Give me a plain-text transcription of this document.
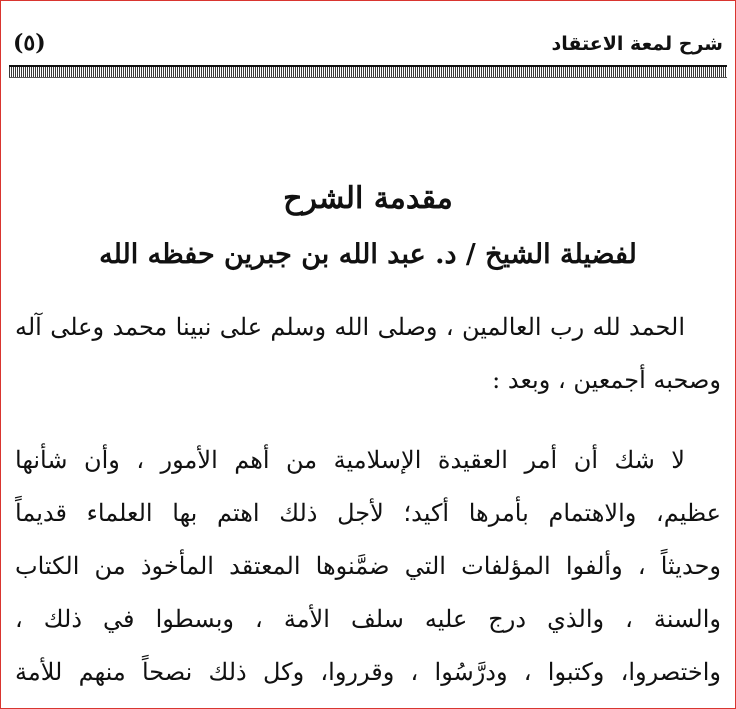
شرح لمعة الاعتقاد
(٥)
مقدمة الشرح
لفضيلة الشيخ / د. عبد الله بن جبرين حفظه الله
الحمد لله رب العالمين ، وصلى الله وسلم على نبينا محمد وعلى آله
وصحبه أجمعين ، وبعد :
لا شك أن أمر العقيدة الإسلامية من أهم الأمور ، وأن شأنها
عظيم، والاهتمام بأمرها أكيد؛ لأجل ذلك اهتم بها العلماء قديماً
وحديثاً ، وألفوا المؤلفات التي ضمَّنوها المعتقد المأخوذ من الكتاب
والسنة ، والذي درج عليه سلف الأمة ، وبسطوا في ذلك ،
واختصروا، وكتبوا ، ودرَّسُوا ، وقرروا، وكل ذلك نصحاً منهم للأمة
